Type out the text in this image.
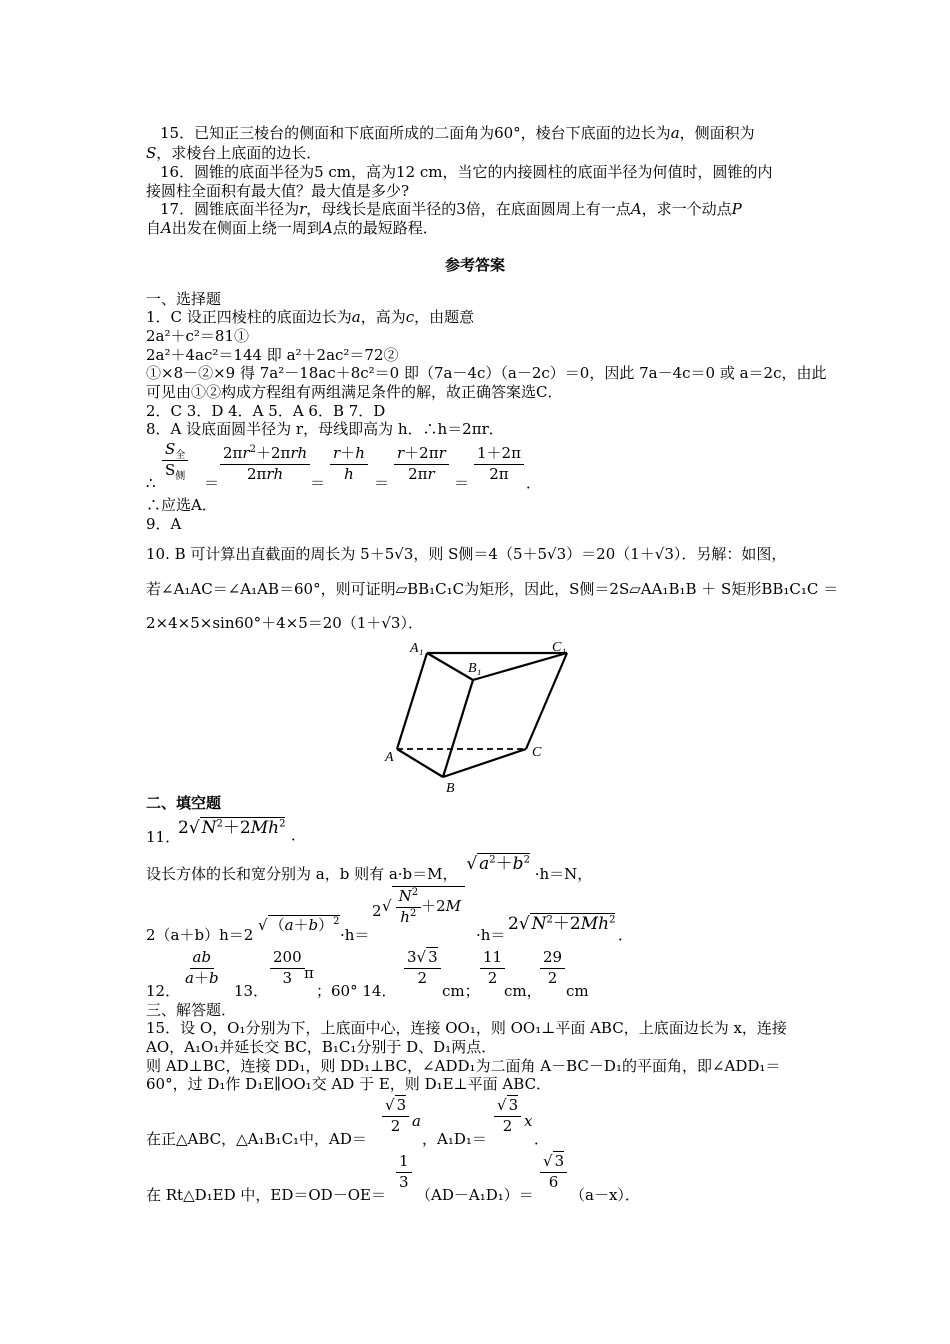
15．已知正三棱台的侧面和下底面所成的二面角为60°，棱台下底面的边长为a，侧面积为
S，求棱台上底面的边长．
16．圆锥的底面半径为5 cm，高为12 cm，当它的内接圆柱的底面半径为何值时，圆锥的内
接圆柱全面积有最大值？最大值是多少?
17．圆锥底面半径为r，母线长是底面半径的3倍，在底面圆周上有一点A，求一个动点P
自A出发在侧面上绕一周到A点的最短路程．
参考答案
一、选择题
1．C 设正四棱柱的底面边长为a，高为c，由题意
2a²＋c²＝81①
2a²＋4ac²＝144 即 a²＋2ac²＝72②
①×8－②×9 得 7a²－18ac＋8c²＝0 即（7a－4c）（a－2c）＝0，因此 7a－4c＝0 或 a＝2c，由此
可见由①②构成方程组有两组满足条件的解，故正确答案选C．
2．C 3．D 4．A 5．A 6．B 7．D
8．A 设底面圆半径为 r，母线即高为 h．∴h＝2πr．
∴
$S_全$
$S_侧$ ＝
$2\pi r^2+2\pi rh$
2πrh
＝ $\frac{r+h}{h} = \frac{r+2\pi r}{2\pi r} = \frac{1+2\pi}{2\pi}$ ．
∴应选A．
9．A
10. B 可计算出直截面的周长为 5＋5√3，则 S侧＝4（5＋5√3）＝20（1＋√3）．另解：如图，
若∠A₁AC＝∠A₁AB＝60°，则可证明▱BB₁C₁C为矩形，因此，S侧＝2S▱AA₁B₁B ＋ S矩形BB₁C₁C ＝
2×4×5×sin60°＋4×5＝20（1＋√3）．
A₁
B₁
C₁
A
B
C
二、填空题
11．
2√ $N^2+2Mh^2$
．
设长方体的长和宽分别为 a，b 则有 a·b＝M， √ $a^2+b^2 \cdot h=N$，
2（a＋b）h＝2
√ $(a+b)^2$
·h＝
2 √ $\frac{N^2}{h^2} +2M$
·h＝
2√ $N^2+2Mh^2$
．
12．
$\frac{ab}{a+b}$
13．
$\frac{200}{3}$ π
；60° 14．
$\frac{3√ 3}{2}$
cm；
$\frac{11}{2}$
cm，
$\frac{29}{2}$
cm
三、解答题．
15．设 O，O₁分别为下，上底面中心，连接 OO₁，则 OO₁⊥平面 ABC，上底面边长为 x，连接
AO，A₁O₁并延长交 BC，B₁C₁分别于 D、D₁两点．
则 AD⊥BC，连接 DD₁，则 DD₁⊥BC，∠ADD₁为二面角 A－BC－D₁的平面角，即∠ADD₁＝
60°，过 D₁作 D₁E∥OO₁交 AD 于 E，则 D₁E⊥平面 ABC．
在正△ABC，△A₁B₁C₁中，AD＝
$\frac{√ 3}{2}$ a
，A₁D₁＝
$\frac{√ 3}{2}$ x
．
在 Rt△D₁ED 中，ED＝OD－OE＝
$\frac{1}{3}$
（AD－A₁D₁）＝
$\frac{√ 3}{6}$
（a－x）．
